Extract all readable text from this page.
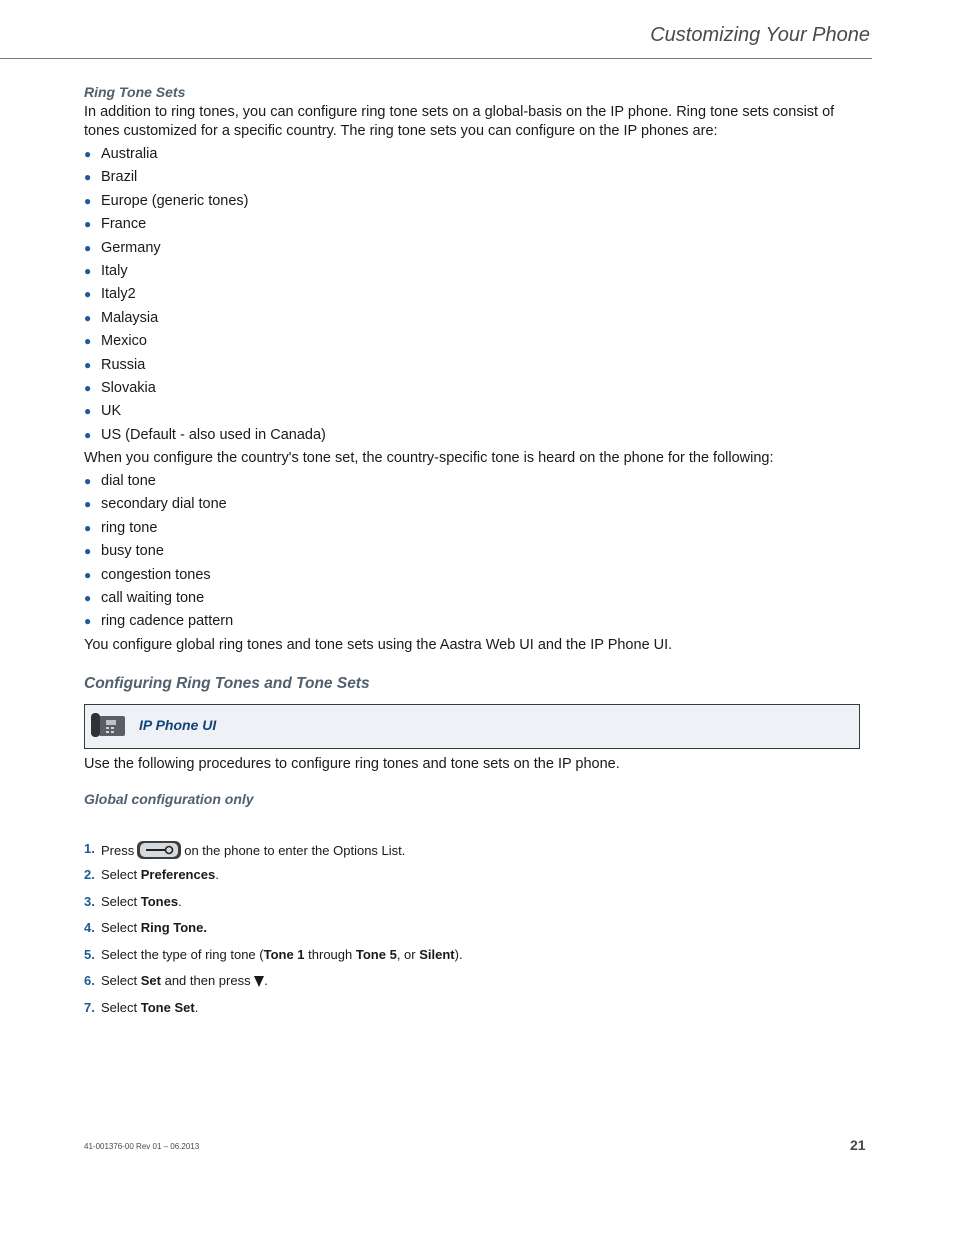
Customizing Your Phone

Ring Tone Sets

In addition to ring tones, you can configure ring tone sets on a global-basis on the IP phone. Ring tone sets consist of tones customized for a specific country. The ring tone sets you can configure on the IP phones are:

● Australia
● Brazil
● Europe (generic tones)
● France
● Germany
● Italy
● Italy2
● Malaysia
● Mexico
● Russia
● Slovakia
● UK
● US (Default - also used in Canada)

When you configure the country's tone set, the country-specific tone is heard on the phone for the following:

● dial tone
● secondary dial tone
● ring tone
● busy tone
● congestion tones
● call waiting tone
● ring cadence pattern

You configure global ring tones and tone sets using the Aastra Web UI and the IP Phone UI.

Configuring Ring Tones and Tone Sets

IP Phone UI

Use the following procedures to configure ring tones and tone sets on the IP phone.

Global configuration only

1. Press	on the phone to enter the Options List.
2. Select Preferences.
3. Select Tones.
4. Select Ring Tone.
5. Select the type of ring tone (Tone 1 through Tone 5, or Silent).
6. Select Set and then press .
7. Select Tone Set.
41-001376-00 Rev 01 – 06.2013	21
